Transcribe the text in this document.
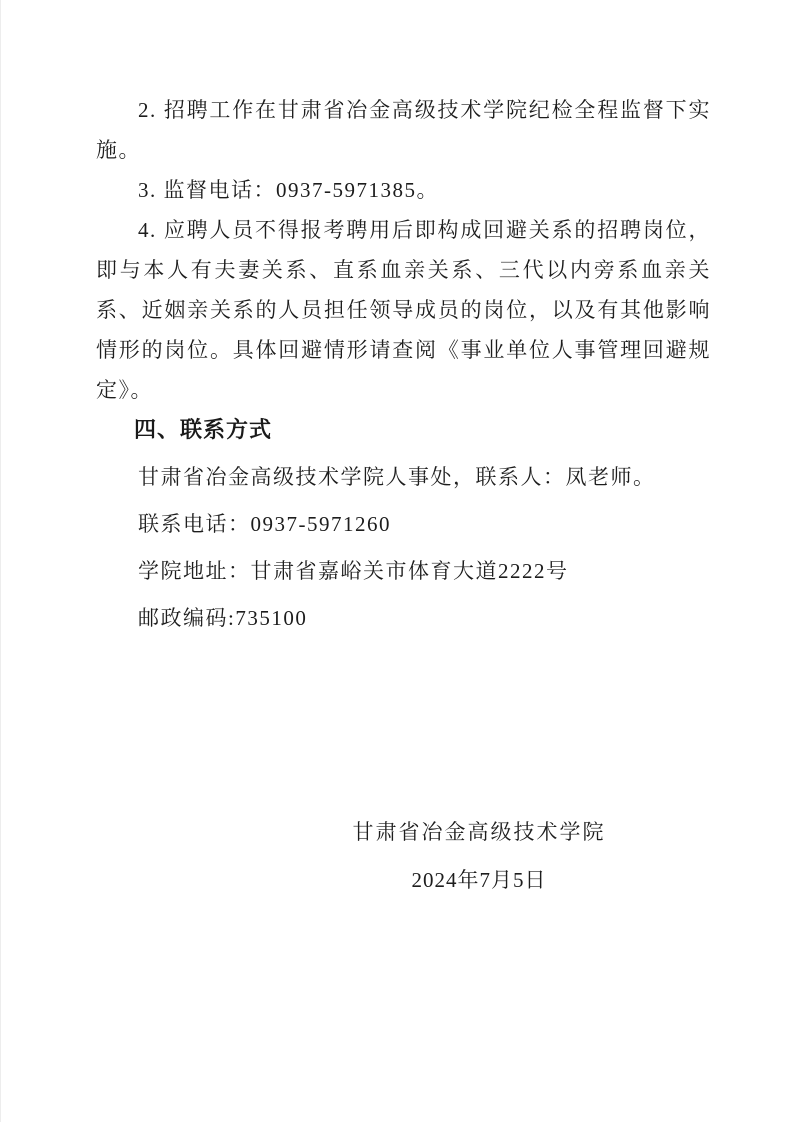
2. 招聘工作在甘肃省冶金高级技术学院纪检全程监督下实施。

3. 监督电话：0937-5971385。

4. 应聘人员不得报考聘用后即构成回避关系的招聘岗位，即与本人有夫妻关系、直系血亲关系、三代以内旁系血亲关系、近姻亲关系的人员担任领导成员的岗位，以及有其他影响情形的岗位。具体回避情形请查阅《事业单位人事管理回避规定》。

四、联系方式

甘肃省冶金高级技术学院人事处，联系人：凤老师。

联系电话：0937-5971260

学院地址：甘肃省嘉峪关市体育大道2222号

邮政编码:735100

甘肃省冶金高级技术学院

2024年7月5日
